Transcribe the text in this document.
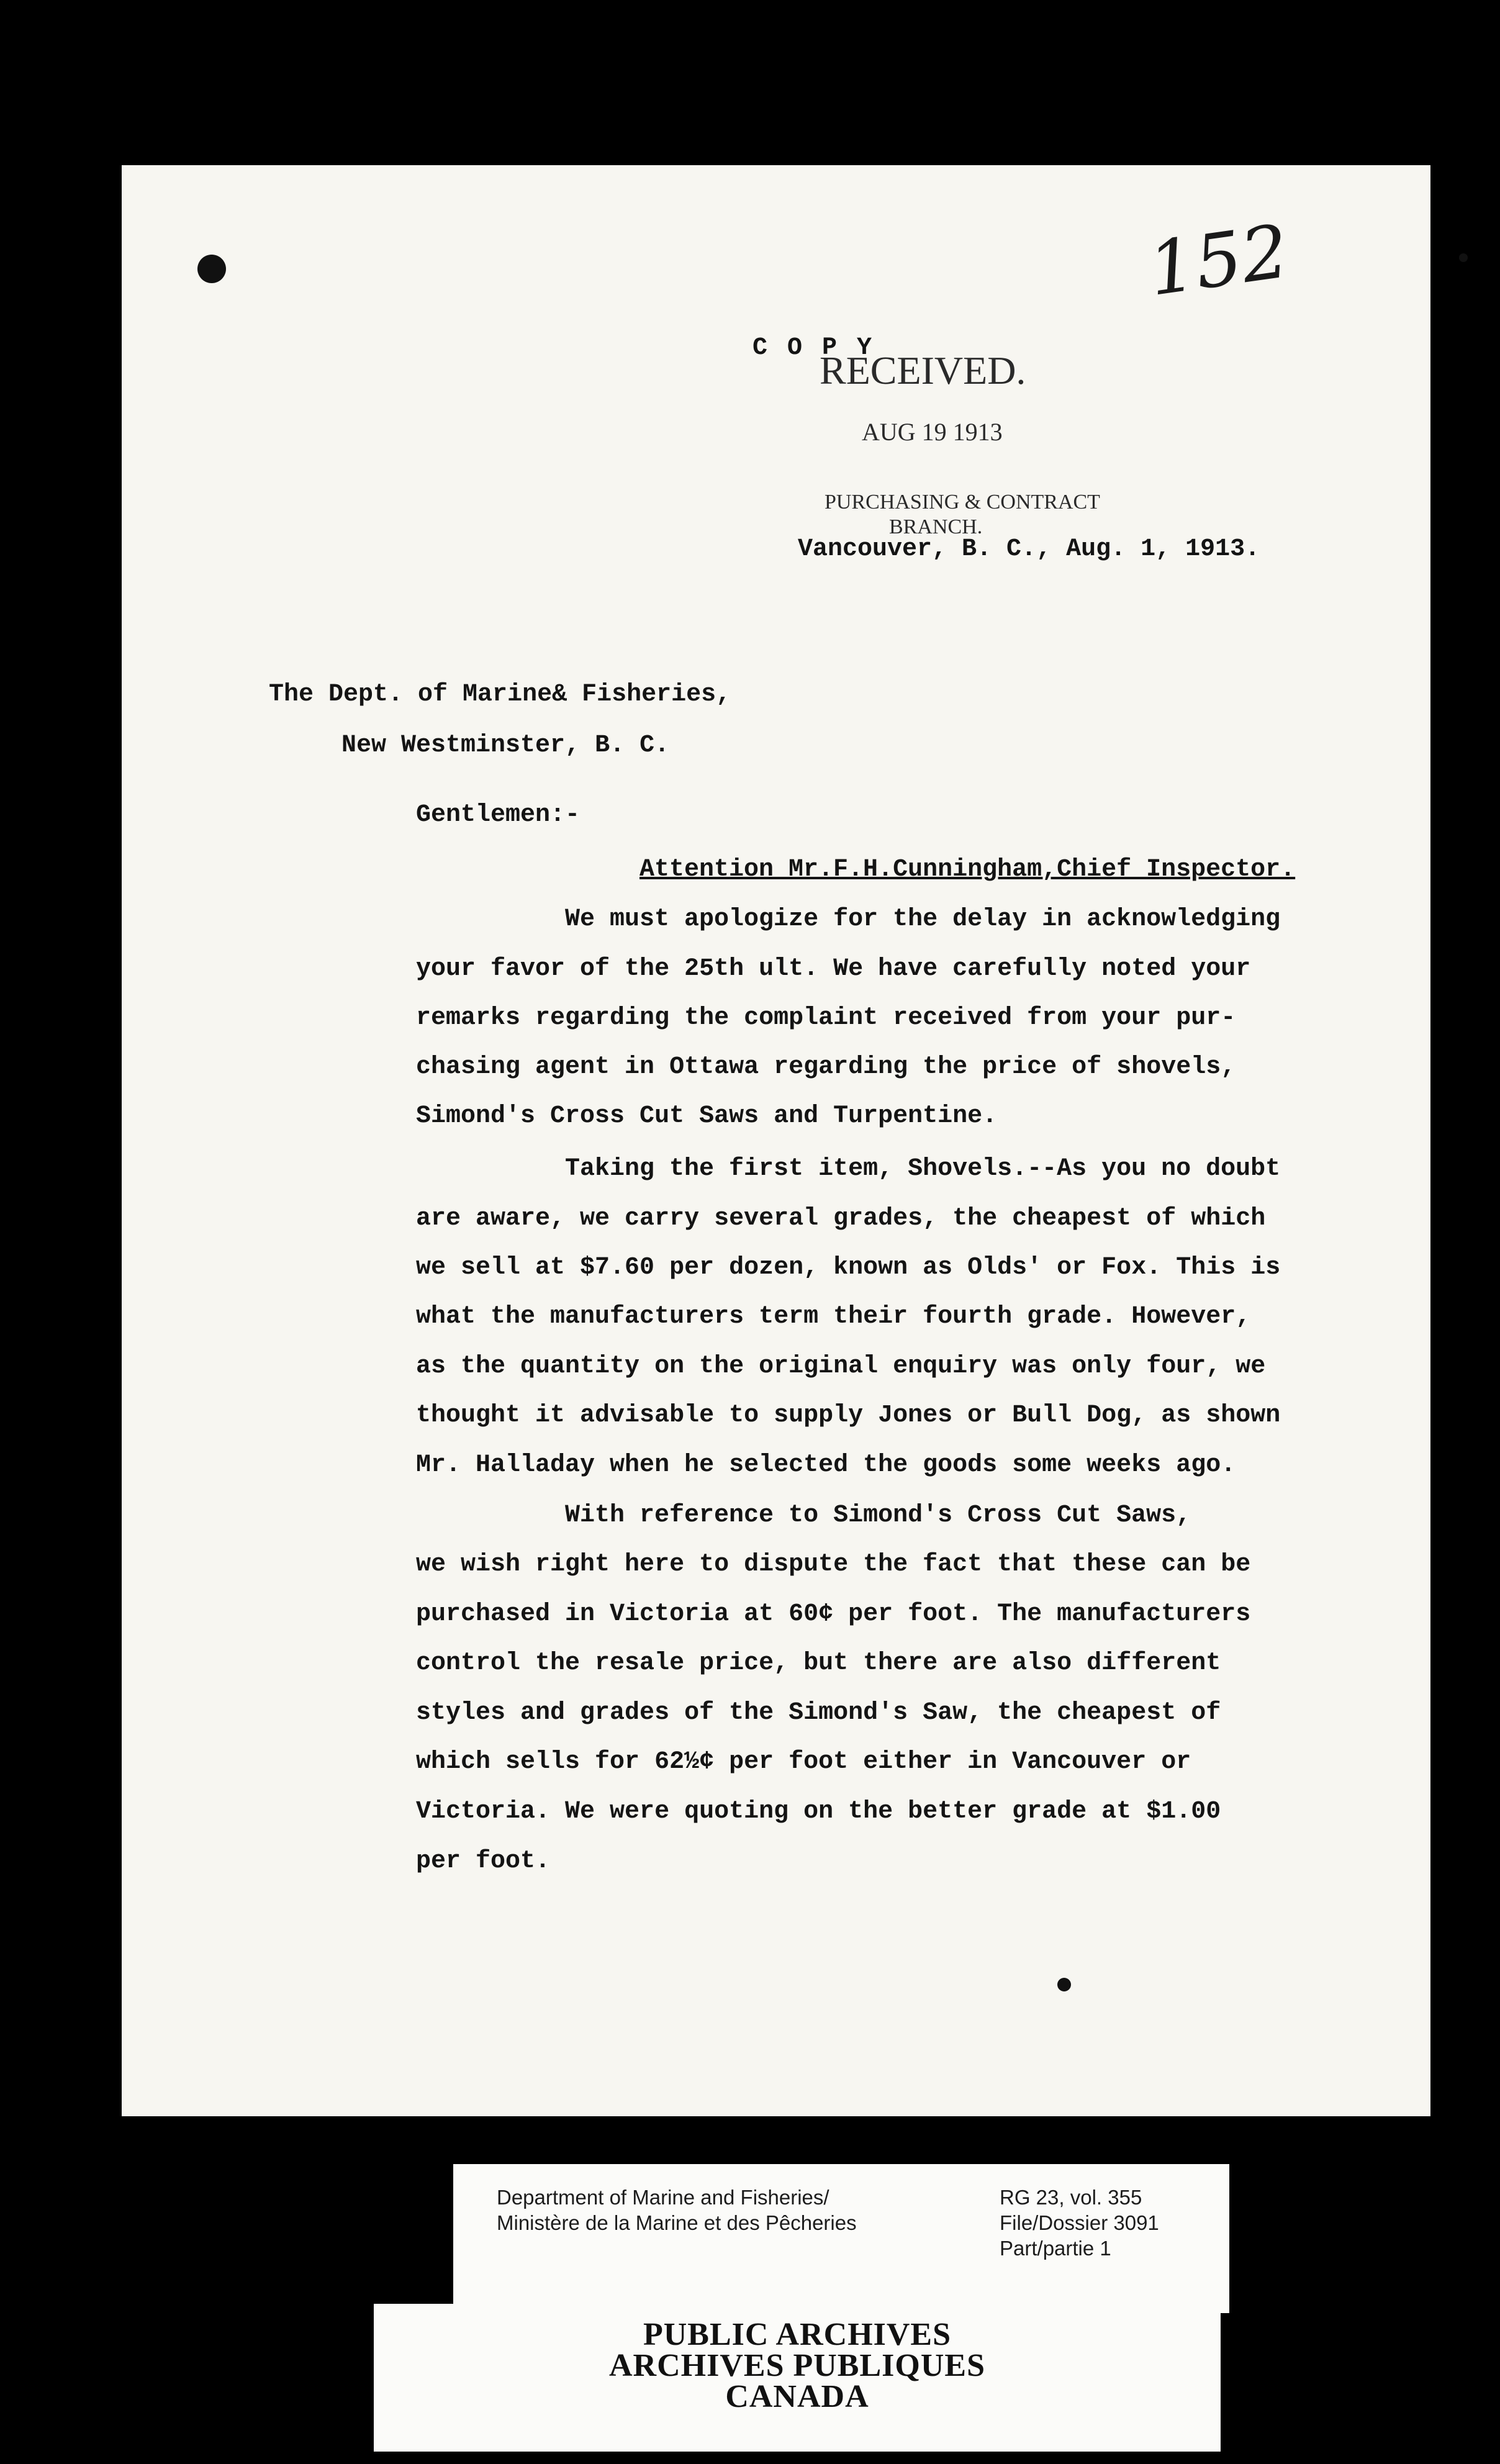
152
C O P Y
RECEIVED.
AUG 19 1913
PURCHASING & CONTRACT
BRANCH.
Vancouver, B. C., Aug. 1, 1913.
The Dept. of Marine& Fisheries,
New Westminster, B. C.
Gentlemen:-
Attention Mr.F.H.Cunningham,Chief Inspector.
We must apologize for the delay in acknowledging
your favor of the 25th ult. We have carefully noted your
remarks regarding the complaint received from your pur-
chasing agent in Ottawa regarding the price of shovels,
Simond's Cross Cut Saws and Turpentine.
Taking the first item, Shovels.--As you no doubt
are aware, we carry several grades, the cheapest of which
we sell at $7.60 per dozen, known as Olds' or Fox. This is
what the manufacturers term their fourth grade. However,
as the quantity on the original enquiry was only four, we
thought it advisable to supply Jones or Bull Dog, as shown
Mr. Halladay when he selected the goods some weeks ago.
With reference to Simond's Cross Cut Saws,
we wish right here to dispute the fact that these can be
purchased in Victoria at 60¢ per foot. The manufacturers
control the resale price, but there are also different
styles and grades of the Simond's Saw, the cheapest of
which sells for 62½¢ per foot either in Vancouver or
Victoria. We were quoting on the better grade at $1.00
per foot.
Department of Marine and Fisheries/
Ministère de la Marine et des Pêcheries
RG 23, vol. 355
File/Dossier 3091
Part/partie 1
PUBLIC ARCHIVES
ARCHIVES PUBLIQUES
CANADA
